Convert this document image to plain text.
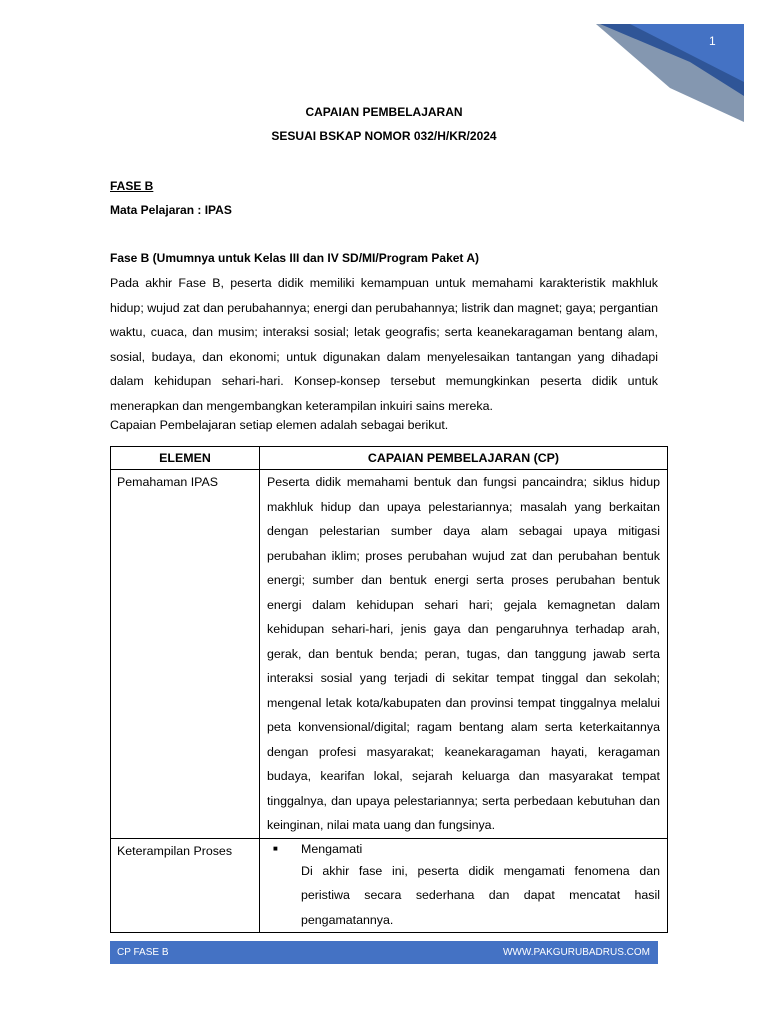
1
CAPAIAN PEMBELAJARAN
SESUAI BSKAP NOMOR 032/H/KR/2024
FASE B
Mata Pelajaran : IPAS
Fase B (Umumnya untuk Kelas III dan IV SD/MI/Program Paket A)

Pada akhir Fase B, peserta didik memiliki kemampuan untuk memahami karakteristik makhluk hidup; wujud zat dan perubahannya; energi dan perubahannya; listrik dan magnet; gaya; pergantian waktu, cuaca, dan musim; interaksi sosial; letak geografis; serta keanekaragaman bentang alam, sosial, budaya, dan ekonomi; untuk digunakan dalam menyelesaikan tantangan yang dihadapi dalam kehidupan sehari-hari. Konsep-konsep tersebut memungkinkan peserta didik untuk menerapkan dan mengembangkan keterampilan inkuiri sains mereka.

Capaian Pembelajaran setiap elemen adalah sebagai berikut.
ELEMEN	CAPAIAN PEMBELAJARAN (CP)
Pemahaman IPAS	Peserta didik memahami bentuk dan fungsi pancaindra; siklus hidup makhluk hidup dan upaya pelestariannya; masalah yang berkaitan dengan pelestarian sumber daya alam sebagai upaya mitigasi perubahan iklim; proses perubahan wujud zat dan perubahan bentuk energi; sumber dan bentuk energi serta proses perubahan bentuk energi dalam kehidupan sehari hari; gejala kemagnetan dalam kehidupan sehari-hari, jenis gaya dan pengaruhnya terhadap arah, gerak, dan bentuk benda; peran, tugas, dan tanggung jawab serta interaksi sosial yang terjadi di sekitar tempat tinggal dan sekolah; mengenal letak kota/kabupaten dan provinsi tempat tinggalnya melalui peta konvensional/digital; ragam bentang alam serta keterkaitannya dengan profesi masyarakat; keanekaragaman hayati, keragaman budaya, kearifan lokal, sejarah keluarga dan masyarakat tempat tinggalnya, dan upaya pelestariannya; serta perbedaan kebutuhan dan keinginan, nilai mata uang dan fungsinya.
Keterampilan Proses	■ Mengamati
Di akhir fase ini, peserta didik mengamati fenomena dan peristiwa secara sederhana dan dapat mencatat hasil pengamatannya.
CP FASE B	WWW.PAKGURUBADRUS.COM
